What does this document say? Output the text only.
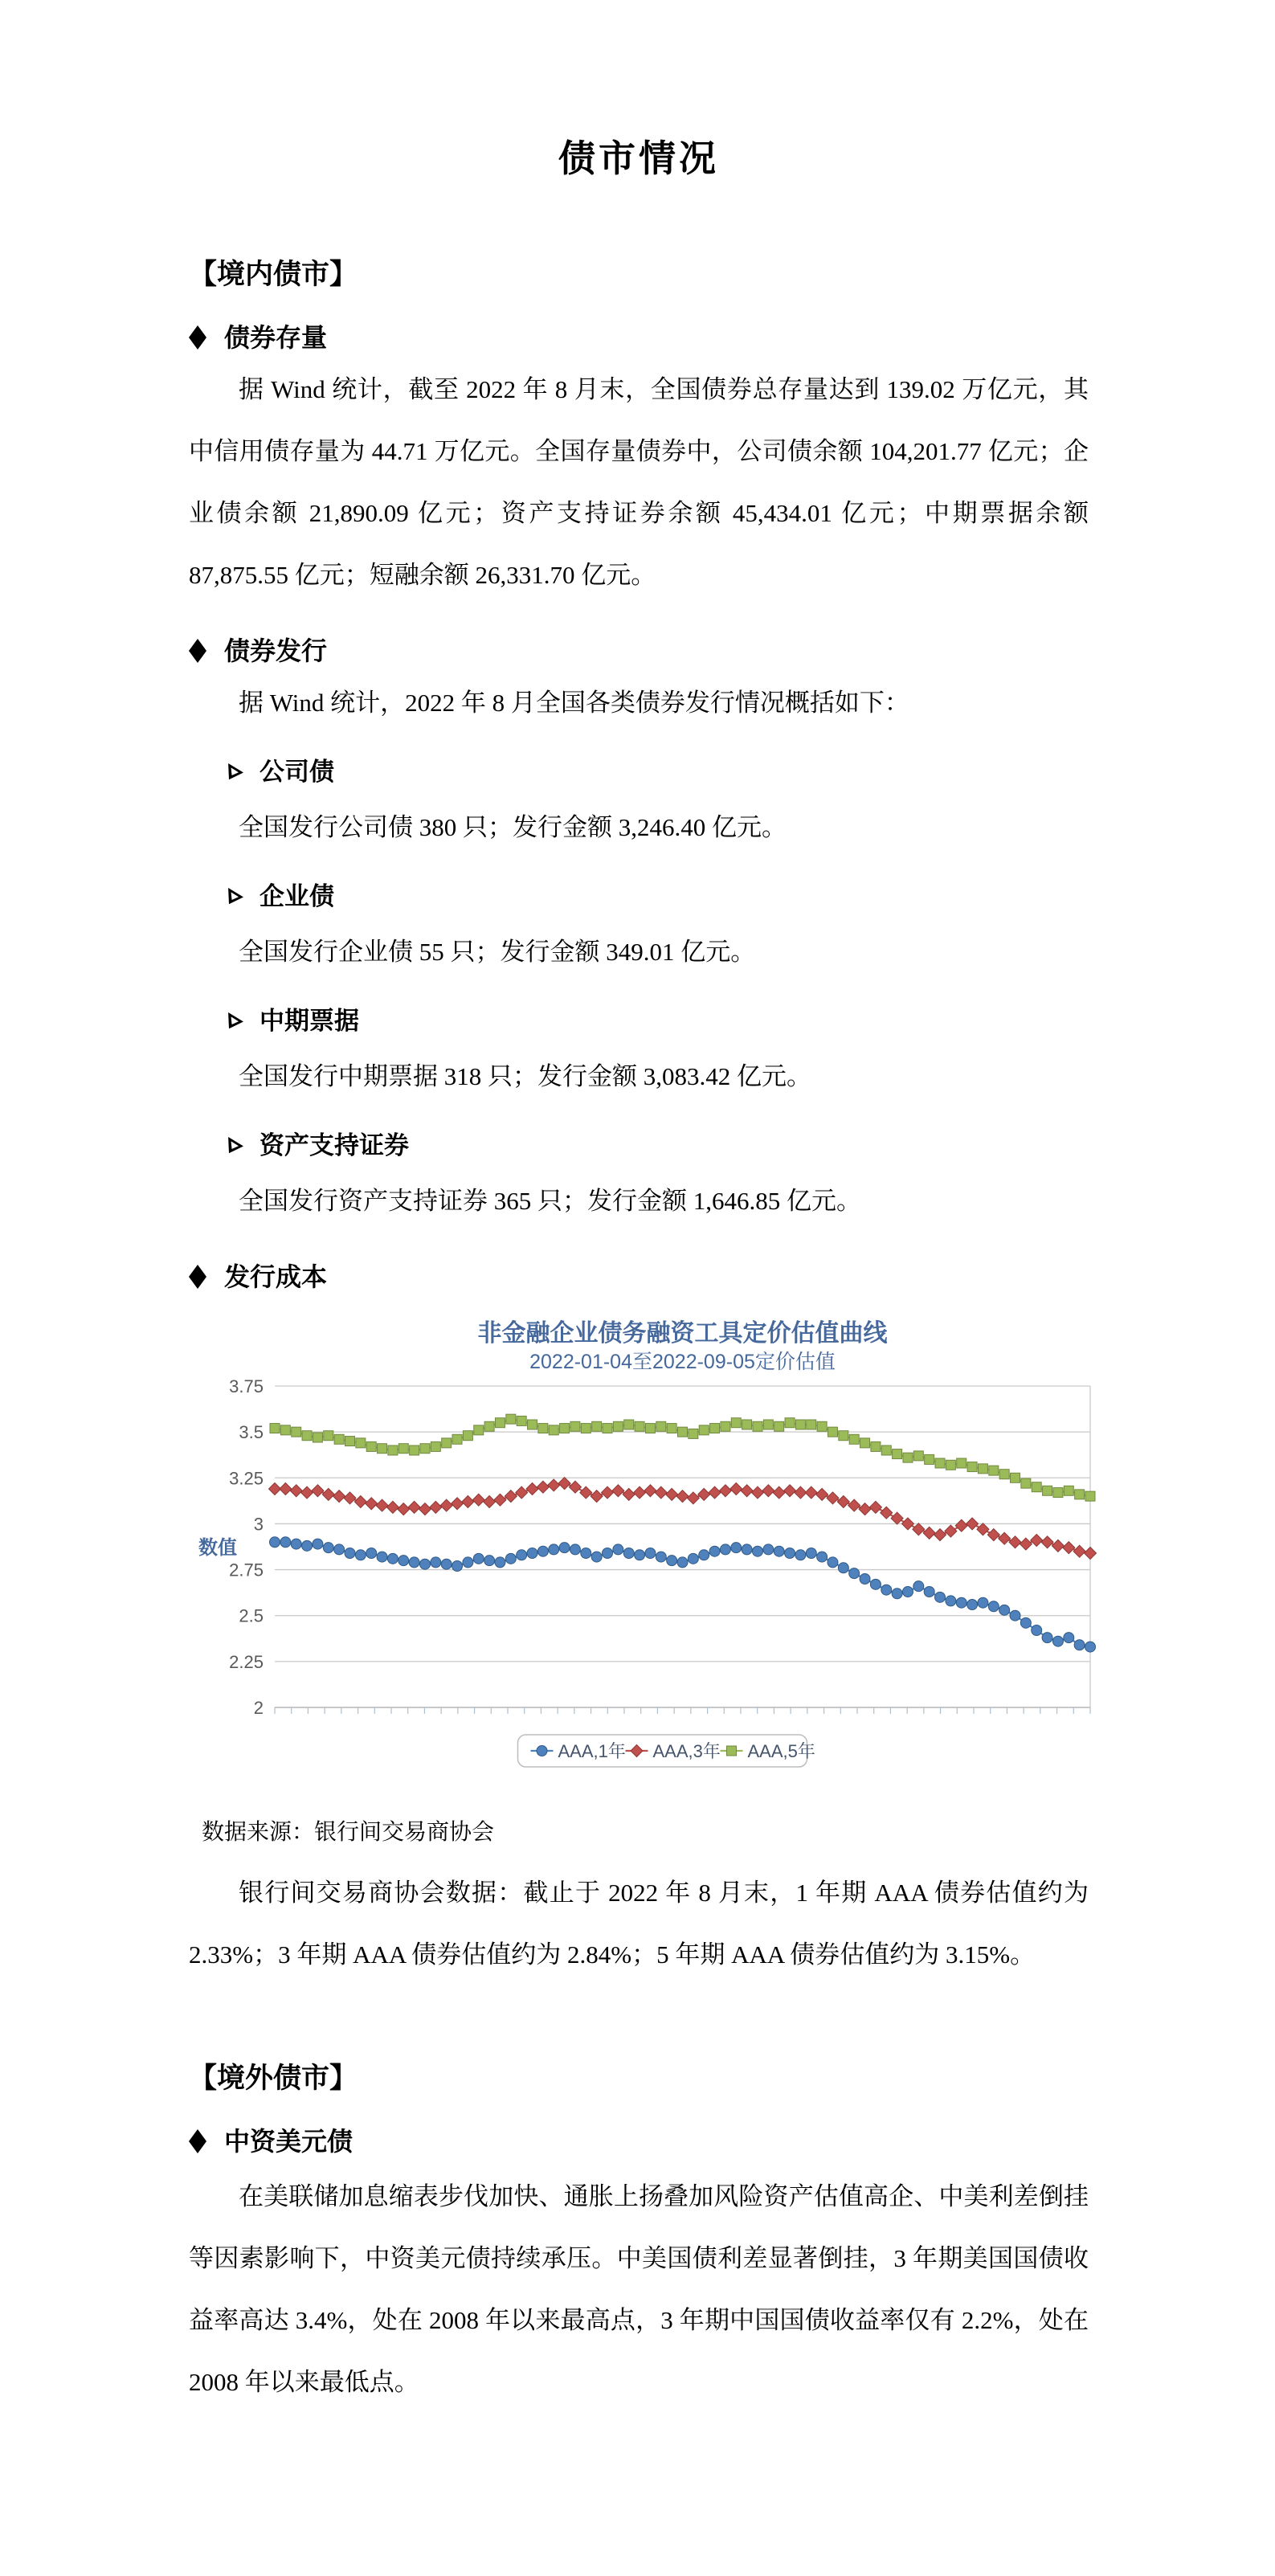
债市情况
【境内债市】
债券存量

据 Wind 统计，截至 2022 年 8 月末，全国债券总存量达到 139.02 万亿元，其中信用债存量为 44.71 万亿元。全国存量债券中，公司债余额 104,201.77 亿元；企业债余额 21,890.09 亿元；资产支持证券余额 45,434.01 亿元；中期票据余额 87,875.55 亿元；短融余额 26,331.70 亿元。

债券发行

据 Wind 统计，2022 年 8 月全国各类债券发行情况概括如下：

公司债

全国发行公司债 380 只；发行金额 3,246.40 亿元。

企业债

全国发行企业债 55 只；发行金额 349.01 亿元。

中期票据

全国发行中期票据 318 只；发行金额 3,083.42 亿元。

资产支持证券

全国发行资产支持证券 365 只；发行金额 1,646.85 亿元。

发行成本
非金融企业债务融资工具定价估值曲线
2022-01-04至2022-09-05定价估值
2
2.25
2.5
2.75
3
3.25
3.5
3.75
数值
AAA,1年 AAA,3年 AAA,5年
数据来源：银行间交易商协会

银行间交易商协会数据：截止于 2022 年 8 月末，1 年期 AAA 债券估值约为 2.33%；3 年期 AAA 债券估值约为 2.84%；5 年期 AAA 债券估值约为 3.15%。

【境外债市】
中资美元债

在美联储加息缩表步伐加快、通胀上扬叠加风险资产估值高企、中美利差倒挂等因素影响下，中资美元债持续承压。中美国债利差显著倒挂，3 年期美国国债收益率高达 3.4%，处在 2008 年以来最高点，3 年期中国国债收益率仅有 2.2%，处在 2008 年以来最低点。
